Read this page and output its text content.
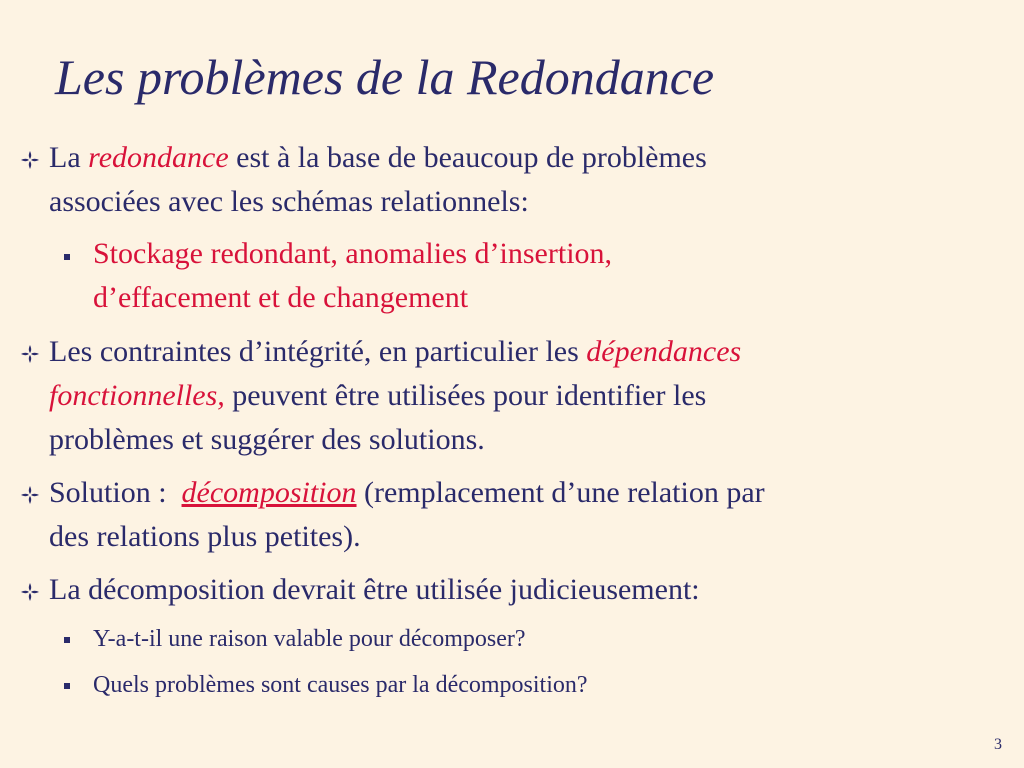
Les problèmes de la Redondance
La redondance est à la base de beaucoup de problèmes
associées avec les schémas relationnels:
Stockage redondant, anomalies d’insertion,
d’effacement et de changement
Les contraintes d’intégrité, en particulier les dépendances
fonctionnelles, peuvent être utilisées pour identifier les
problèmes et suggérer des solutions.
Solution :  décomposition (remplacement d’une relation par
des relations plus petites).
La décomposition devrait être utilisée judicieusement:
Y-a-t-il une raison valable pour décomposer?
Quels problèmes sont causes par la décomposition?
3
